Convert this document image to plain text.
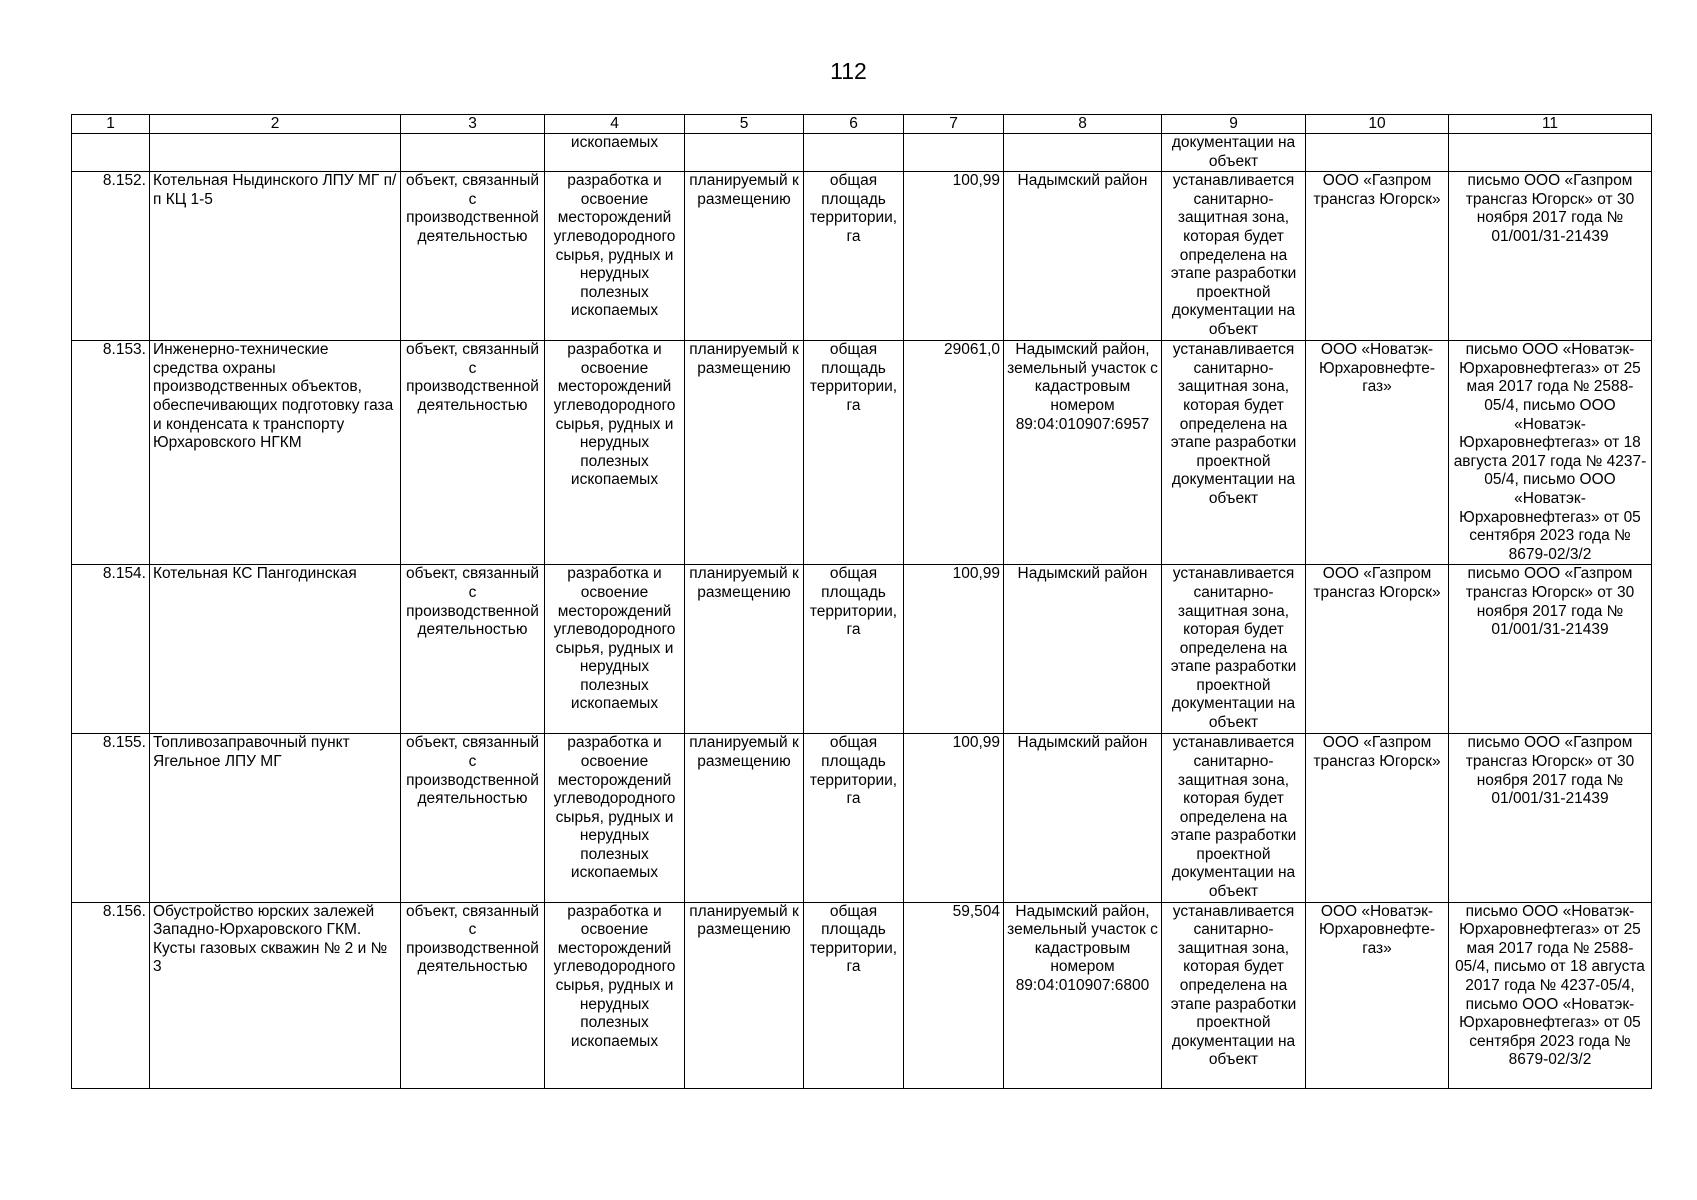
112
1	2	3	4	5	6	7	8	9	10	11
			ископаемых					документации на объект		
8.152.	Котельная Ныдинского ЛПУ МГ п/п КЦ 1-5	объект, связанный с производственной деятельностью	разработка и освоение месторождений углеводородного сырья, рудных и нерудных полезных ископаемых	планируемый к размещению	общая площадь территории, га	100,99	Надымский район	устанавливается санитарно-защитная зона, которая будет определена на этапе разработки проектной документации на объект	ООО «Газпром трансгаз Югорск»	письмо ООО «Газпром трансгаз Югорск» от 30 ноября 2017 года № 01/001/31-21439
8.153.	Инженерно-технические средства охраны производственных объектов, обеспечивающих подготовку газа и конденсата к транспорту Юрхаровского НГКМ	объект, связанный с производственной деятельностью	разработка и освоение месторождений углеводородного сырья, рудных и нерудных полезных ископаемых	планируемый к размещению	общая площадь территории, га	29061,0	Надымский район, земельный участок с кадастровым номером 89:04:010907:6957	устанавливается санитарно-защитная зона, которая будет определена на этапе разработки проектной документации на объект	ООО «Новатэк-Юрхаровнефте-газ»	письмо ООО «Новатэк-Юрхаровнефтегаз» от 25 мая 2017 года № 2588-05/4, письмо ООО «Новатэк-Юрхаровнефтегаз» от 18 августа 2017 года № 4237-05/4, письмо ООО «Новатэк-Юрхаровнефтегаз» от 05 сентября 2023 года № 8679-02/3/2
8.154.	Котельная КС Пангодинская	объект, связанный с производственной деятельностью	разработка и освоение месторождений углеводородного сырья, рудных и нерудных полезных ископаемых	планируемый к размещению	общая площадь территории, га	100,99	Надымский район	устанавливается санитарно-защитная зона, которая будет определена на этапе разработки проектной документации на объект	ООО «Газпром трансгаз Югорск»	письмо ООО «Газпром трансгаз Югорск» от 30 ноября 2017 года № 01/001/31-21439
8.155.	Топливозаправочный пункт Ягельное ЛПУ МГ	объект, связанный с производственной деятельностью	разработка и освоение месторождений углеводородного сырья, рудных и нерудных полезных ископаемых	планируемый к размещению	общая площадь территории, га	100,99	Надымский район	устанавливается санитарно-защитная зона, которая будет определена на этапе разработки проектной документации на объект	ООО «Газпром трансгаз Югорск»	письмо ООО «Газпром трансгаз Югорск» от 30 ноября 2017 года № 01/001/31-21439
8.156.	Обустройство юрских залежей Западно-Юрхаровского ГКМ. Кусты газовых скважин № 2 и № 3	объект, связанный с производственной деятельностью	разработка и освоение месторождений углеводородного сырья, рудных и нерудных полезных ископаемых	планируемый к размещению	общая площадь территории, га	59,504	Надымский район, земельный участок с кадастровым номером 89:04:010907:6800	устанавливается санитарно-защитная зона, которая будет определена на этапе разработки проектной документации на объект	ООО «Новатэк-Юрхаровнефте-газ»	письмо ООО «Новатэк-Юрхаровнефтегаз» от 25 мая 2017 года № 2588-05/4, письмо от 18 августа 2017 года № 4237-05/4, письмо ООО «Новатэк-Юрхаровнефтегаз» от 05 сентября 2023 года № 8679-02/3/2
